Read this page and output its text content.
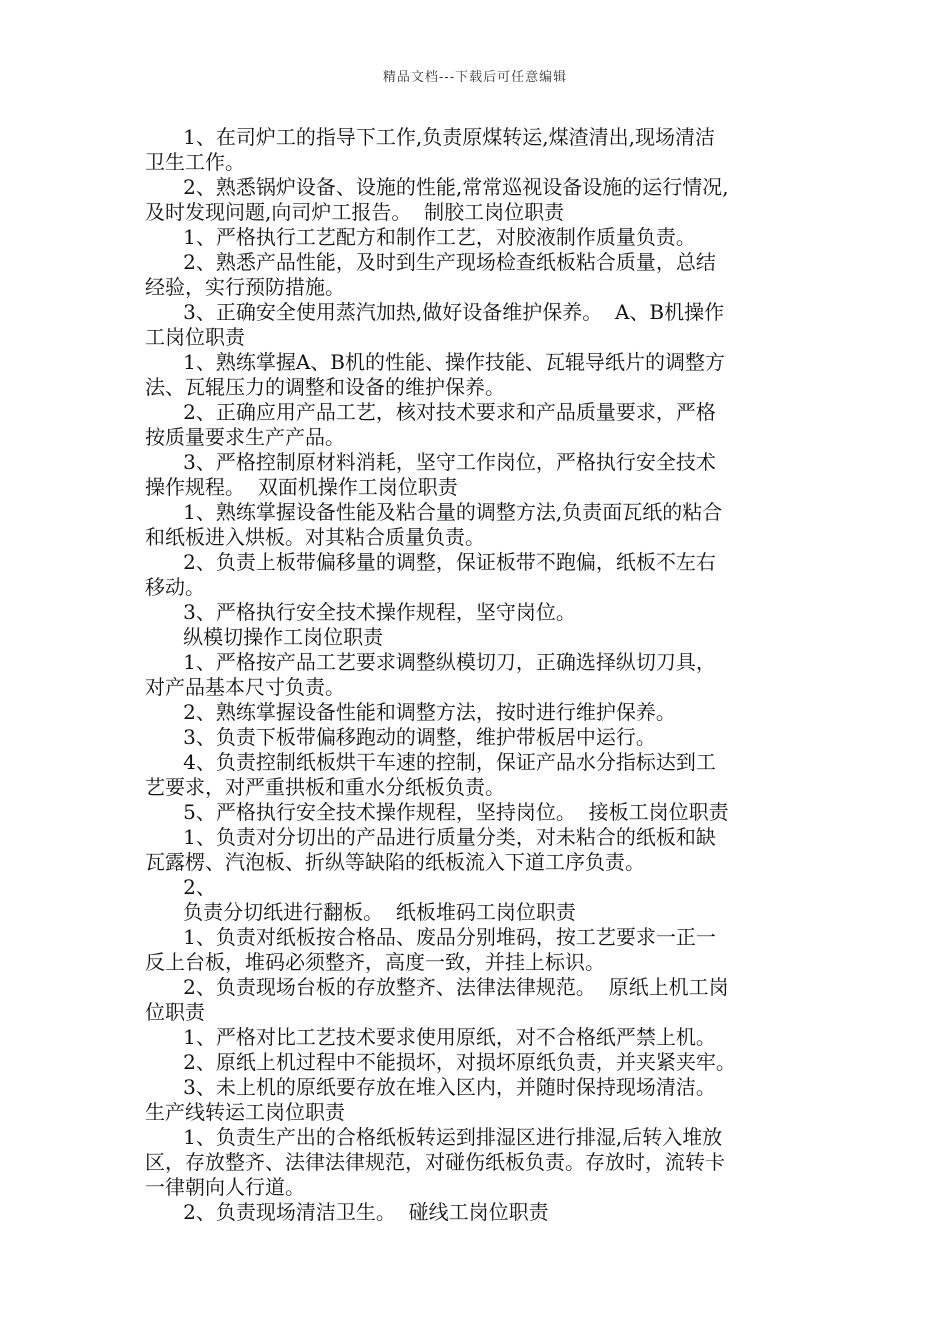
精品文档---下载后可任意编辑
1、在司炉工的指导下工作,负责原煤转运,煤渣清出,现场清洁
卫生工作。
2、熟悉锅炉设备、设施的性能,常常巡视设备设施的运行情况,
及时发现问题,向司炉工报告。  制胶工岗位职责
1、严格执行工艺配方和制作工艺，对胶液制作质量负责。
2、熟悉产品性能，及时到生产现场检查纸板粘合质量，总结
经验，实行预防措施。
3、正确安全使用蒸汽加热,做好设备维护保养。  A、B机操作
工岗位职责
1、熟练掌握A、B机的性能、操作技能、瓦辊导纸片的调整方
法、瓦辊压力的调整和设备的维护保养。
2、正确应用产品工艺，核对技术要求和产品质量要求，严格
按质量要求生产产品。
3、严格控制原材料消耗，坚守工作岗位，严格执行安全技术
操作规程。  双面机操作工岗位职责
1、熟练掌握设备性能及粘合量的调整方法,负责面瓦纸的粘合
和纸板进入烘板。对其粘合质量负责。
2、负责上板带偏移量的调整，保证板带不跑偏，纸板不左右
移动。
3、严格执行安全技术操作规程，坚守岗位。
纵模切操作工岗位职责
1、严格按产品工艺要求调整纵模切刀，正确选择纵切刀具，
对产品基本尺寸负责。
2、熟练掌握设备性能和调整方法，按时进行维护保养。
3、负责下板带偏移跑动的调整，维护带板居中运行。
4、负责控制纸板烘干车速的控制，保证产品水分指标达到工
艺要求，对严重拱板和重水分纸板负责。
5、严格执行安全技术操作规程，坚持岗位。  接板工岗位职责
1、负责对分切出的产品进行质量分类，对未粘合的纸板和缺
瓦露楞、汽泡板、折纵等缺陷的纸板流入下道工序负责。
2、
负责分切纸进行翻板。  纸板堆码工岗位职责
1、负责对纸板按合格品、废品分别堆码，按工艺要求一正一
反上台板，堆码必须整齐，高度一致，并挂上标识。
2、负责现场台板的存放整齐、法律法律规范。  原纸上机工岗
位职责
1、严格对比工艺技术要求使用原纸，对不合格纸严禁上机。
2、原纸上机过程中不能损坏，对损坏原纸负责，并夹紧夹牢。
3、未上机的原纸要存放在堆入区内，并随时保持现场清洁。
生产线转运工岗位职责
1、负责生产出的合格纸板转运到排湿区进行排湿,后转入堆放
区，存放整齐、法律法律规范，对碰伤纸板负责。存放时，流转卡
一律朝向人行道。
2、负责现场清洁卫生。  碰线工岗位职责
